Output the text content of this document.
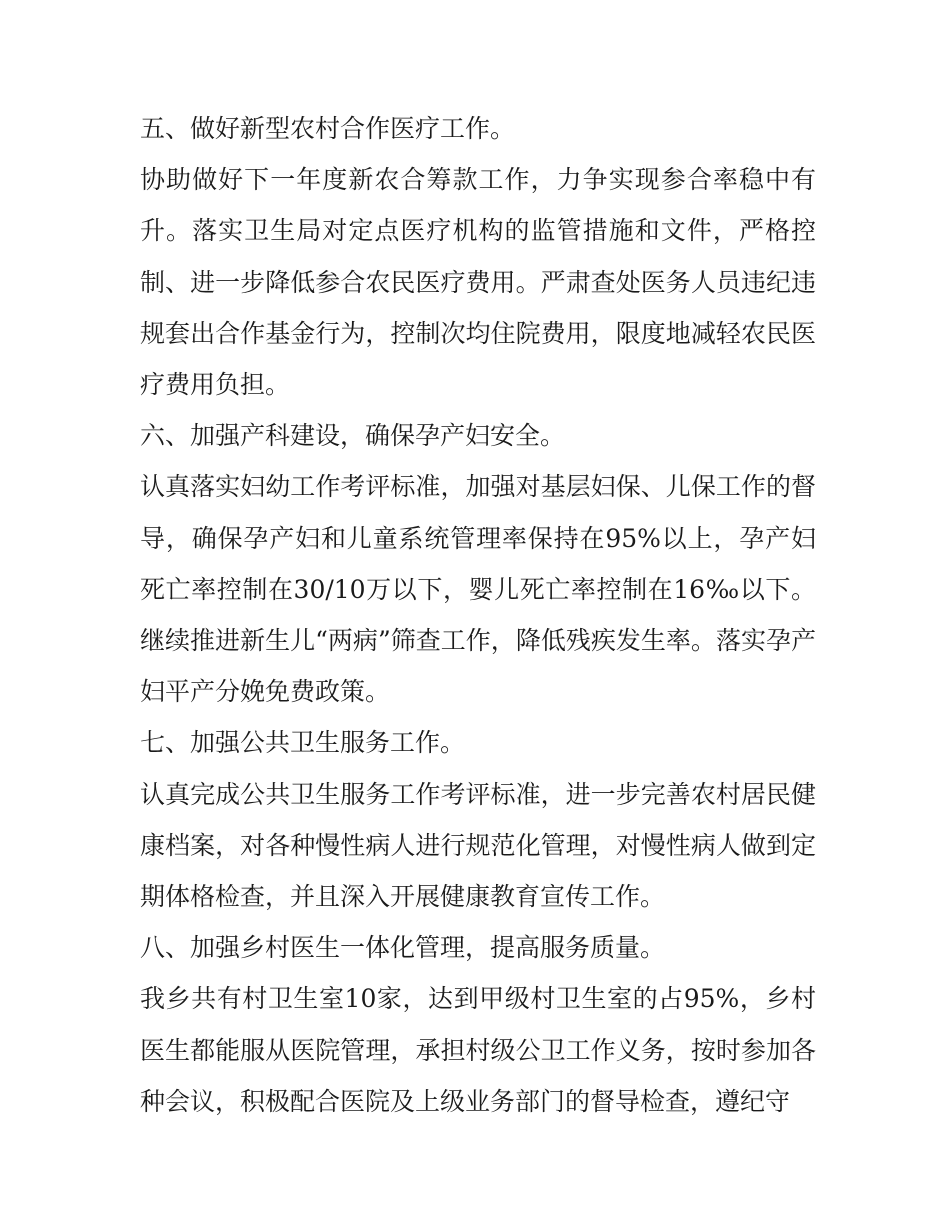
五、做好新型农村合作医疗工作。

协助做好下一年度新农合筹款工作，力争实现参合率稳中有升。落实卫生局对定点医疗机构的监管措施和文件，严格控制、进一步降低参合农民医疗费用。严肃查处医务人员违纪违规套出合作基金行为，控制次均住院费用，限度地减轻农民医疗费用负担。

六、加强产科建设，确保孕产妇安全。

认真落实妇幼工作考评标准，加强对基层妇保、儿保工作的督导，确保孕产妇和儿童系统管理率保持在95%以上，孕产妇死亡率控制在30/10万以下，婴儿死亡率控制在16‰以下。继续推进新生儿“两病”筛查工作，降低残疾发生率。落实孕产妇平产分娩免费政策。

七、加强公共卫生服务工作。

认真完成公共卫生服务工作考评标准，进一步完善农村居民健康档案，对各种慢性病人进行规范化管理，对慢性病人做到定期体格检查，并且深入开展健康教育宣传工作。

八、加强乡村医生一体化管理，提高服务质量。

我乡共有村卫生室10家，达到甲级村卫生室的占95%，乡村医生都能服从医院管理，承担村级公卫工作义务，按时参加各种会议，积极配合医院及上级业务部门的督导检查，遵纪守
